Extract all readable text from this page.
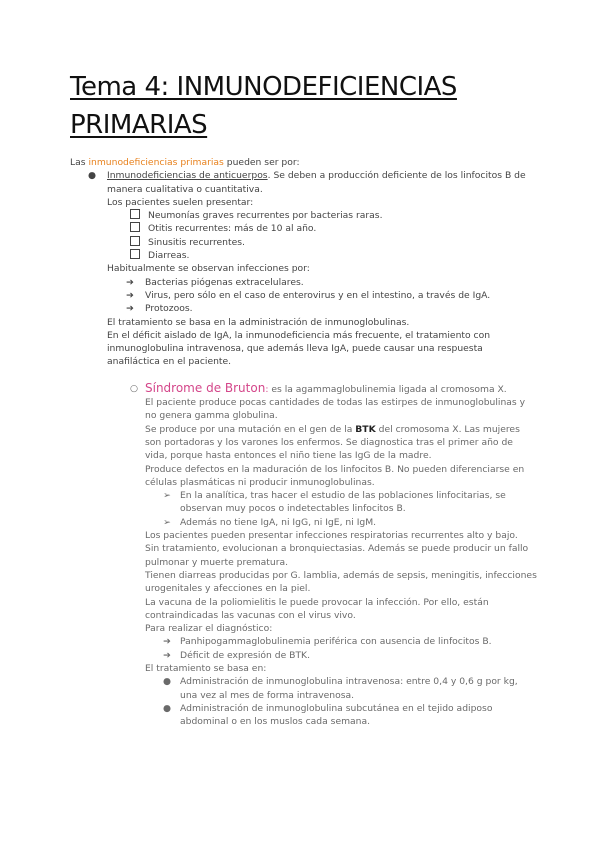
Tema 4: INMUNODEFICIENCIAS
PRIMARIAS
Las inmunodeficiencias primarias pueden ser por:
● Inmunodeficiencias de anticuerpos. Se deben a producción deficiente de los linfocitos B de
manera cualitativa o cuantitativa.
Los pacientes suelen presentar:
Neumonías graves recurrentes por bacterias raras.
Otitis recurrentes: más de 10 al año.
Sinusitis recurrentes.
Diarreas.
Habitualmente se observan infecciones por:
➔ Bacterias piógenas extracelulares.
➔ Virus, pero sólo en el caso de enterovirus y en el intestino, a través de IgA.
➔ Protozoos.
El tratamiento se basa en la administración de inmunoglobulinas.
En el déficit aislado de IgA, la inmunodeficiencia más frecuente, el tratamiento con
inmunoglobulina intravenosa, que además lleva IgA, puede causar una respuesta
anafiláctica en el paciente.
○ Síndrome de Bruton: es la agammaglobulinemia ligada al cromosoma X.
El paciente produce pocas cantidades de todas las estirpes de inmunoglobulinas y
no genera gamma globulina.
Se produce por una mutación en el gen de la BTK del cromosoma X. Las mujeres
son portadoras y los varones los enfermos. Se diagnostica tras el primer año de
vida, porque hasta entonces el niño tiene las IgG de la madre.
Produce defectos en la maduración de los linfocitos B. No pueden diferenciarse en
células plasmáticas ni producir inmunoglobulinas.
➢ En la analítica, tras hacer el estudio de las poblaciones linfocitarias, se
observan muy pocos o indetectables linfocitos B.
➢ Además no tiene IgA, ni IgG, ni IgE, ni IgM.
Los pacientes pueden presentar infecciones respiratorias recurrentes alto y bajo.
Sin tratamiento, evolucionan a bronquiectasias. Además se puede producir un fallo
pulmonar y muerte prematura.
Tienen diarreas producidas por G. lamblia, además de sepsis, meningitis, infecciones
urogenitales y afecciones en la piel.
La vacuna de la poliomielitis le puede provocar la infección. Por ello, están
contraindicadas las vacunas con el virus vivo.
Para realizar el diagnóstico:
➔ Panhipogammaglobulinemia periférica con ausencia de linfocitos B.
➔ Déficit de expresión de BTK.
El tratamiento se basa en:
● Administración de inmunoglobulina intravenosa: entre 0,4 y 0,6 g por kg,
una vez al mes de forma intravenosa.
● Administración de inmunoglobulina subcutánea en el tejido adiposo
abdominal o en los muslos cada semana.
